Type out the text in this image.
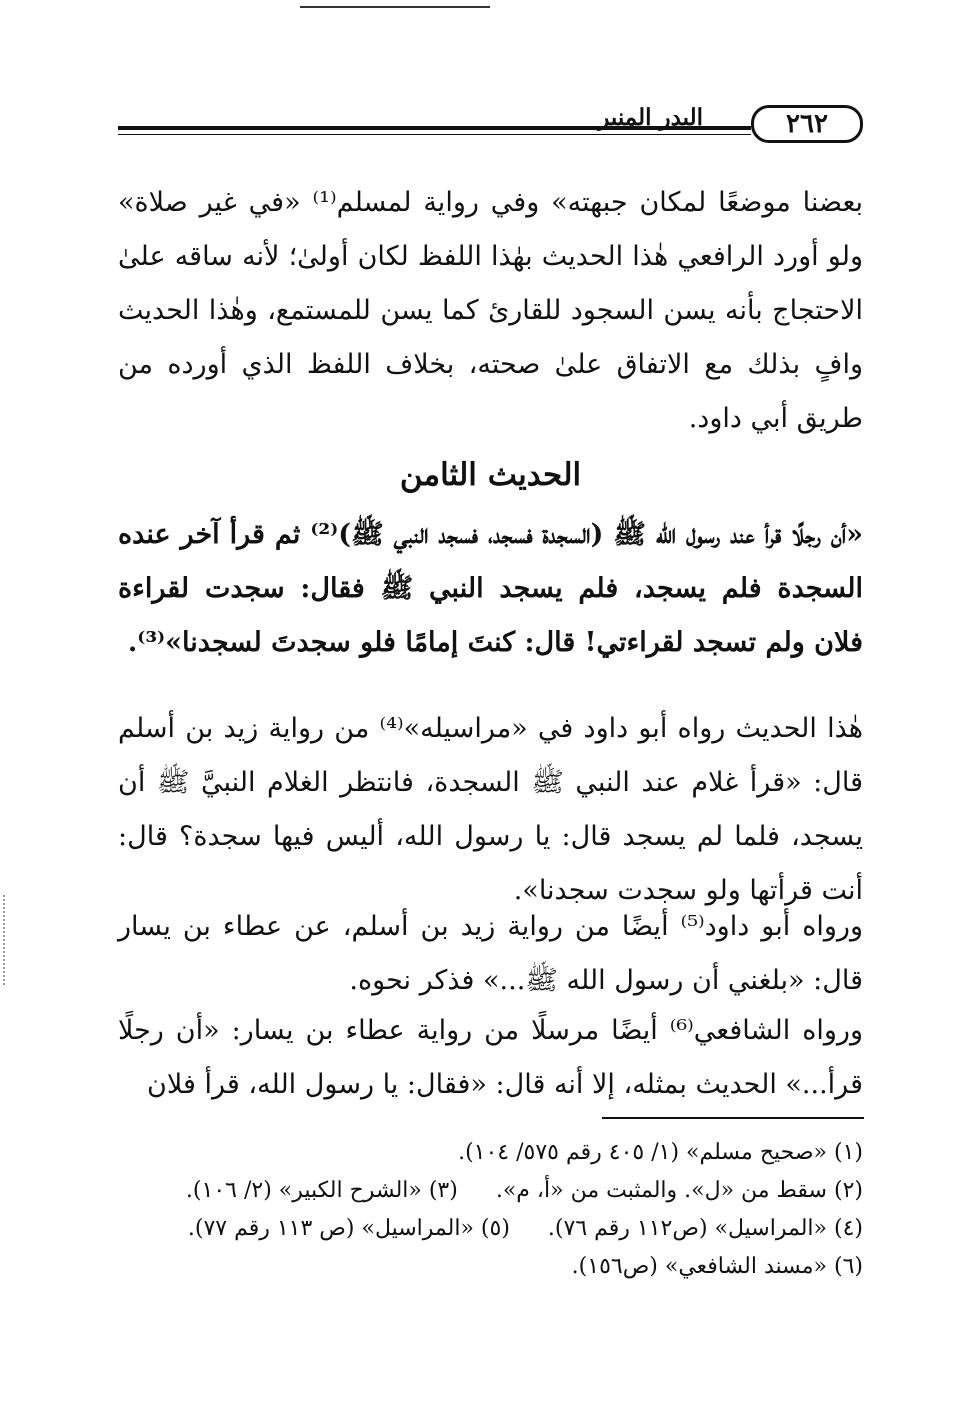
٢٦٢
البدر المنير

بعضنا موضعًا لمكان جبهته» وفي رواية لمسلم⁽¹⁾ «في غير صلاة» ولو أورد الرافعي هٰذا الحديث بهٰذا اللفظ لكان أولىٰ؛ لأنه ساقه علىٰ الاحتجاج بأنه يسن السجود للقارئ كما يسن للمستمع، وهٰذا الحديث وافٍ بذلك مع الاتفاق علىٰ صحته، بخلاف اللفظ الذي أورده من طريق أبي داود.

الحديث الثامن

«أن رجلًا قرأ عند رسول الله ﷺ (السجدة فسجد، فسجد النبي ﷺ)⁽²⁾ ثم قرأ آخر عنده السجدة فلم يسجد، فلم يسجد النبي ﷺ فقال: سجدت لقراءة فلان ولم تسجد لقراءتي! قال: كنتَ إمامًا فلو سجدتَ لسجدنا»⁽³⁾.

هٰذا الحديث رواه أبو داود في «مراسيله»⁽⁴⁾ من رواية زيد بن أسلم قال: «قرأ غلام عند النبي ﷺ السجدة، فانتظر الغلام النبيَّ ﷺ أن يسجد، فلما لم يسجد قال: يا رسول الله، أليس فيها سجدة؟ قال: أنت قرأتها ولو سجدت سجدنا».

ورواه أبو داود⁽⁵⁾ أيضًا من رواية زيد بن أسلم، عن عطاء بن يسار قال: «بلغني أن رسول الله ﷺ...» فذكر نحوه.

ورواه الشافعي⁽⁶⁾ أيضًا مرسلًا من رواية عطاء بن يسار: «أن رجلًا قرأ...» الحديث بمثله، إلا أنه قال: «فقال: يا رسول الله، قرأ فلان

(١) «صحيح مسلم» (١/ ٤٠٥ رقم ٥٧٥/ ١٠٤).
(٢) سقط من «ل». والمثبت من «أ، م».
(٣) «الشرح الكبير» (٢/ ١٠٦).
(٤) «المراسيل» (ص١١٢ رقم ٧٦).
(٥) «المراسيل» (ص ١١٣ رقم ٧٧).
(٦) «مسند الشافعي» (ص١٥٦).
